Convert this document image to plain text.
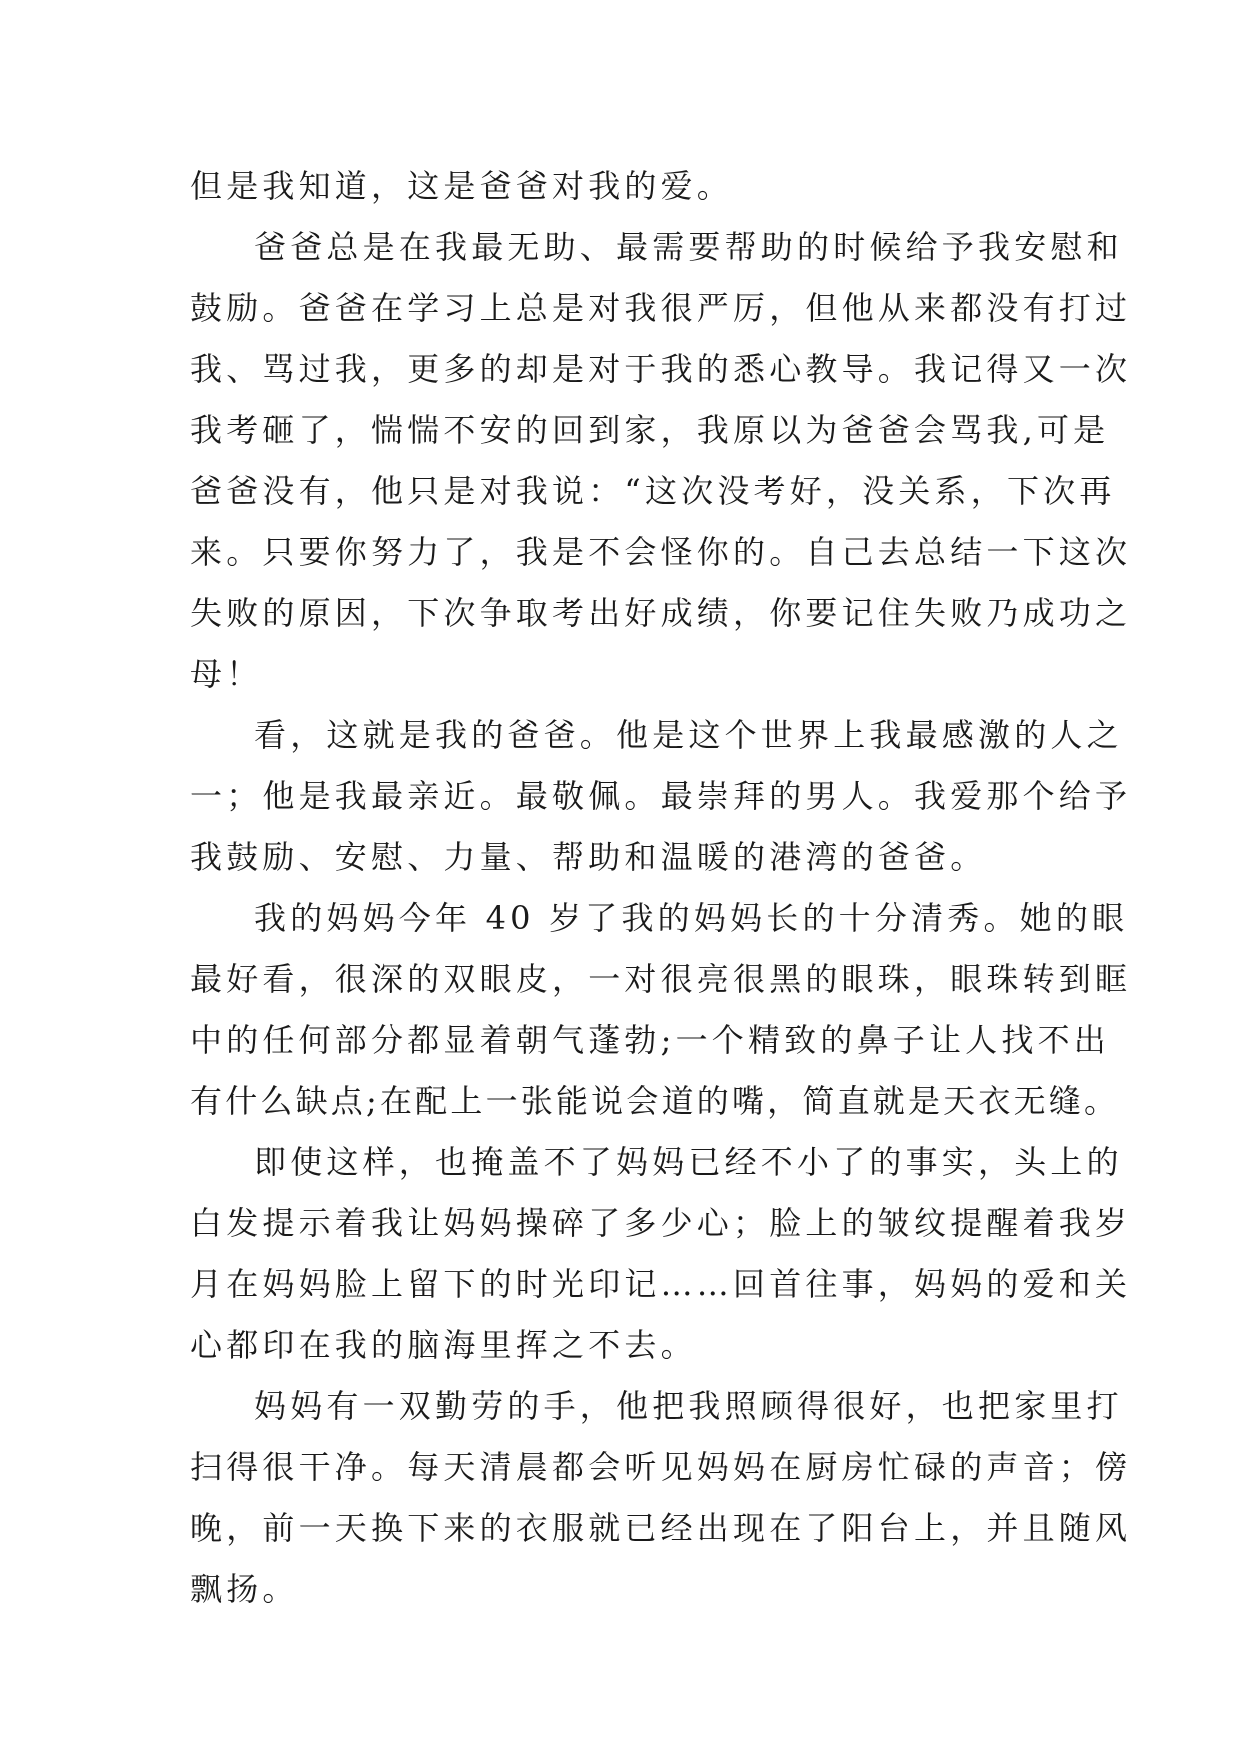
但是我知道，这是爸爸对我的爱。
爸爸总是在我最无助、最需要帮助的时候给予我安慰和
鼓励。爸爸在学习上总是对我很严厉，但他从来都没有打过
我、骂过我，更多的却是对于我的悉心教导。我记得又一次
我考砸了，惴惴不安的回到家，我原以为爸爸会骂我,可是
爸爸没有，他只是对我说：“这次没考好，没关系，下次再
来。只要你努力了，我是不会怪你的。自己去总结一下这次
失败的原因，下次争取考出好成绩，你要记住失败乃成功之
母！
看，这就是我的爸爸。他是这个世界上我最感激的人之
一；他是我最亲近。最敬佩。最崇拜的男人。我爱那个给予
我鼓励、安慰、力量、帮助和温暖的港湾的爸爸。
我的妈妈今年 40 岁了我的妈妈长的十分清秀。她的眼
最好看，很深的双眼皮，一对很亮很黑的眼珠，眼珠转到眶
中的任何部分都显着朝气蓬勃;一个精致的鼻子让人找不出
有什么缺点;在配上一张能说会道的嘴，简直就是天衣无缝。
即使这样，也掩盖不了妈妈已经不小了的事实，头上的
白发提示着我让妈妈操碎了多少心；脸上的皱纹提醒着我岁
月在妈妈脸上留下的时光印记……回首往事，妈妈的爱和关
心都印在我的脑海里挥之不去。
妈妈有一双勤劳的手，他把我照顾得很好，也把家里打
扫得很干净。每天清晨都会听见妈妈在厨房忙碌的声音；傍
晚，前一天换下来的衣服就已经出现在了阳台上，并且随风
飘扬。
